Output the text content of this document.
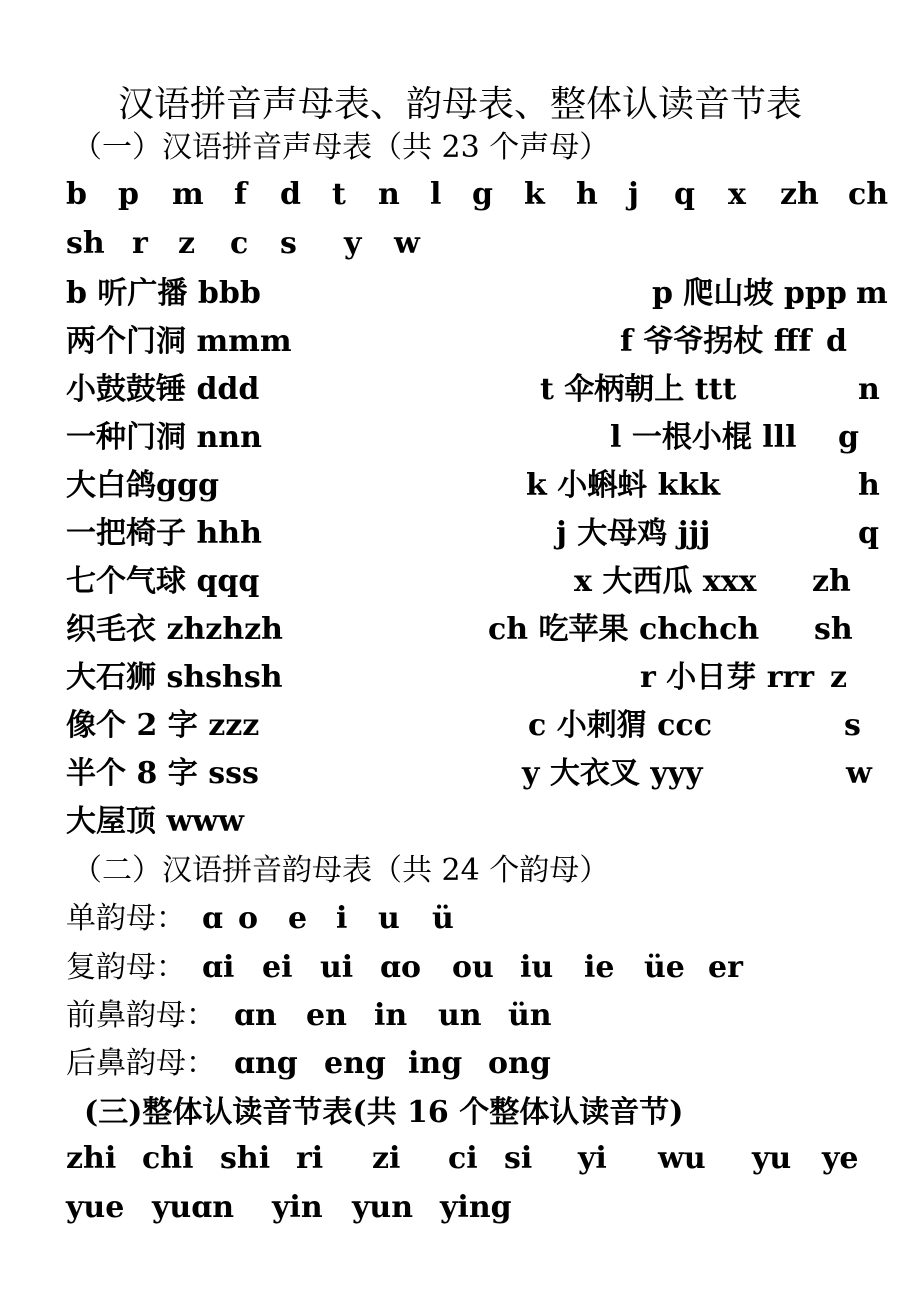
汉语拼音声母表、韵母表、整体认读音节表
（一）汉语拼音声母表（共 23 个声母）
b p m f d t n l g k h j q x zh ch
sh r z c s y w
b 听广播 bbb	p 爬山坡 ppp m
两个门洞 mmm	f 爷爷拐杖 fff d
小鼓鼓锤 ddd	t 伞柄朝上 ttt	n
一种门洞 nnn	l 一根小棍 lll g
大白鸽ggg	k 小蝌蚪 kkk	h
一把椅子 hhh	j 大母鸡 jjj	q
七个气球 qqq	x 大西瓜 xxx zh
织毛衣 zhzhzh	ch 吃苹果 chchch sh
大石狮 shshsh	r 小日芽 rrr z
像个 2 字 zzz	c 小刺猬 ccc	s
半个 8 字 sss	y 大衣叉 yyy	w
大屋顶 www
（二）汉语拼音韵母表（共 24 个韵母）
单韵母： ɑ o e i u ü
复韵母： ɑi ei ui ɑo ou iu ie üe er
前鼻韵母： ɑn en in un ün
后鼻韵母： ɑng eng ing ong
(三)整体认读音节表(共 16 个整体认读音节)
zhi chi shi ri zi ci si yi wu yu ye
yue yuɑn yin yun ying
